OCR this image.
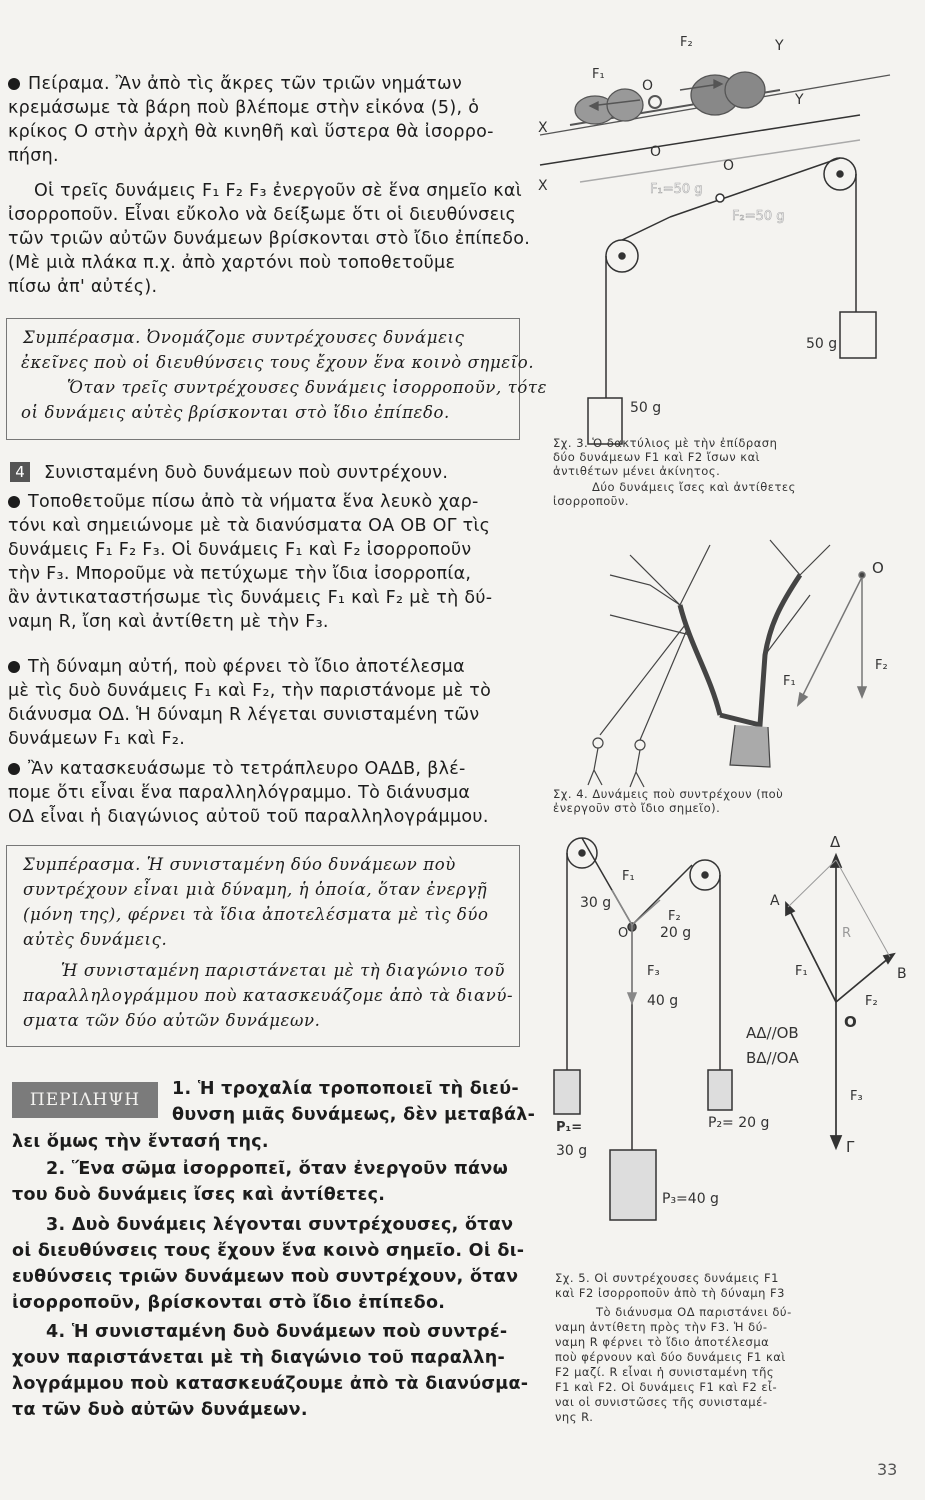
Πείραμα. Ἂν ἀπὸ τὶς ἄκρες τῶν τριῶν νημάτων
κρεμάσωμε τὰ βάρη ποὺ βλέπομε στὴν εἰκόνα (5), ὁ
κρίκος Ο στὴν ἀρχὴ θὰ κινηθῆ καὶ ὕστερα θὰ ἰσορρο-
πήση.
Οἱ τρεῖς δυνάμεις F₁ F₂ F₃ ἐνεργοῦν σὲ ἕνα σημεῖο καὶ
ἰσορροποῦν. Εἶναι εὔκολο νὰ δείξωμε ὅτι οἱ διευθύνσεις
τῶν τριῶν αὐτῶν δυνάμεων βρίσκονται στὸ ἴδιο ἐπίπεδο.
(Μὲ μιὰ πλάκα π.χ. ἀπὸ χαρτόνι ποὺ τοποθετοῦμε
πίσω ἀπ' αὐτές).
Συμπέρασμα. Ὀνομάζομε συντρέχουσες δυνάμεις
ἐκεῖνες ποὺ οἱ διευθύνσεις τους ἔχουν ἕνα κοινὸ σημεῖο.
Ὅταν τρεῖς συντρέχουσες δυνάμεις ἰσορροποῦν, τότε
οἱ δυνάμεις αὐτὲς βρίσκονται στὸ ἴδιο ἐπίπεδο.
4 Συνισταμένη δυὸ δυνάμεων ποὺ συντρέχουν.
Τοποθετοῦμε πίσω ἀπὸ τὰ νήματα ἕνα λευκὸ χαρ-
τόνι καὶ σημειώνομε μὲ τὰ διανύσματα ΟΑ ΟΒ ΟΓ τὶς
δυνάμεις F₁ F₂ F₃. Οἱ δυνάμεις F₁ καὶ F₂ ἰσορροποῦν
τὴν F₃. Μποροῦμε νὰ πετύχωμε τὴν ἴδια ἰσορροπία,
ἂν ἀντικαταστήσωμε τὶς δυνάμεις F₁ καὶ F₂ μὲ τὴ δύ-
ναμη R, ἴση καὶ ἀντίθετη μὲ τὴν F₃.
Τὴ δύναμη αὐτή, ποὺ φέρνει τὸ ἴδιο ἀποτέλεσμα
μὲ τὶς δυὸ δυνάμεις F₁ καὶ F₂, τὴν παριστάνομε μὲ τὸ
διάνυσμα ΟΔ. Ἡ δύναμη R λέγεται συνισταμένη τῶν
δυνάμεων F₁ καὶ F₂.
Ἂν κατασκευάσωμε τὸ τετράπλευρο ΟΑΔΒ, βλέ-
πομε ὅτι εἶναι ἕνα παραλληλόγραμμο. Τὸ διάνυσμα
ΟΔ εἶναι ἡ διαγώνιος αὐτοῦ τοῦ παραλληλογράμμου.
Συμπέρασμα. Ἡ συνισταμένη δύο δυνάμεων ποὺ
συντρέχουν εἶναι μιὰ δύναμη, ἡ ὁποία, ὅταν ἐνεργῇ
(μόνη της), φέρνει τὰ ἴδια ἀποτελέσματα μὲ τὶς δύο
αὐτὲς δυνάμεις.
Ἡ συνισταμένη παριστάνεται μὲ τὴ διαγώνιο τοῦ
παραλληλογράμμου ποὺ κατασκευάζομε ἀπὸ τὰ διανύ-
σματα τῶν δύο αὐτῶν δυνάμεων.
ΠΕΡΙΛΗΨΗ
1. Ἡ τροχαλία τροποποιεῖ τὴ διεύ-
θυνση μιᾶς δυνάμεως, δὲν μεταβάλ-
λει ὅμως τὴν ἔντασή της.
2. Ἕνα σῶμα ἰσορροπεῖ, ὅταν ἐνεργοῦν πάνω
του δυὸ δυνάμεις ἴσες καὶ ἀντίθετες.
3. Δυὸ δυνάμεις λέγονται συντρέχουσες, ὅταν
οἱ διευθύνσεις τους ἔχουν ἕνα κοινὸ σημεῖο. Οἱ δι-
ευθύνσεις τριῶν δυνάμεων ποὺ συντρέχουν, ὅταν
ἰσορροποῦν, βρίσκονται στὸ ἴδιο ἐπίπεδο.
4. Ἡ συνισταμένη δυὸ δυνάμεων ποὺ συντρέ-
χουν παριστάνεται μὲ τὴ διαγώνιο τοῦ παραλλη-
λογράμμου ποὺ κατασκευάζουμε ἀπὸ τὰ διανύσμα-
τα τῶν δυὸ αὐτῶν δυνάμεων.
F₂
F₁
O
X
Y
X
Y
O
F₁=50 g
F₂=50 g
O
50 g
50 g
Σχ. 3. Ὁ δακτύλιος μὲ τὴν ἐπίδραση
δύο δυνάμεων F1 καὶ F2 ἴσων καὶ
ἀντιθέτων μένει ἀκίνητος.
Δύο δυνάμεις ἴσες καὶ ἀντίθετες
ἰσορροποῦν.
O
F₁
F₂
Σχ. 4. Δυνάμεις ποὺ συντρέχουν (ποὺ
ἐνεργοῦν στὸ ἴδιο σημεῖο).
F₁
30 g
F₂
20 g
O
F₃
40 g
P₁=
30 g
P₂= 20 g
P₃=40 g
Δ
A
R
B
F₁
F₂
O
F₃
Γ
ΑΔ//ΟΒ
ΒΔ//ΟΑ
Σχ. 5. Οἱ συντρέχουσες δυνάμεις F1
καὶ F2 ἰσορροποῦν ἀπὸ τὴ δύναμη F3
Τὸ διάνυσμα ΟΔ παριστάνει δύ-
ναμη ἀντίθετη πρὸς τὴν F3. Ἡ δύ-
ναμη R φέρνει τὸ ἴδιο ἀποτέλεσμα
ποὺ φέρνουν καὶ δύο δυνάμεις F1 καὶ
F2 μαζί. R εἶναι ἡ συνισταμένη τῆς
F1 καὶ F2. Οἱ δυνάμεις F1 καὶ F2 εἶ-
ναι οἱ συνιστῶσες τῆς συνισταμέ-
νης R.
33
